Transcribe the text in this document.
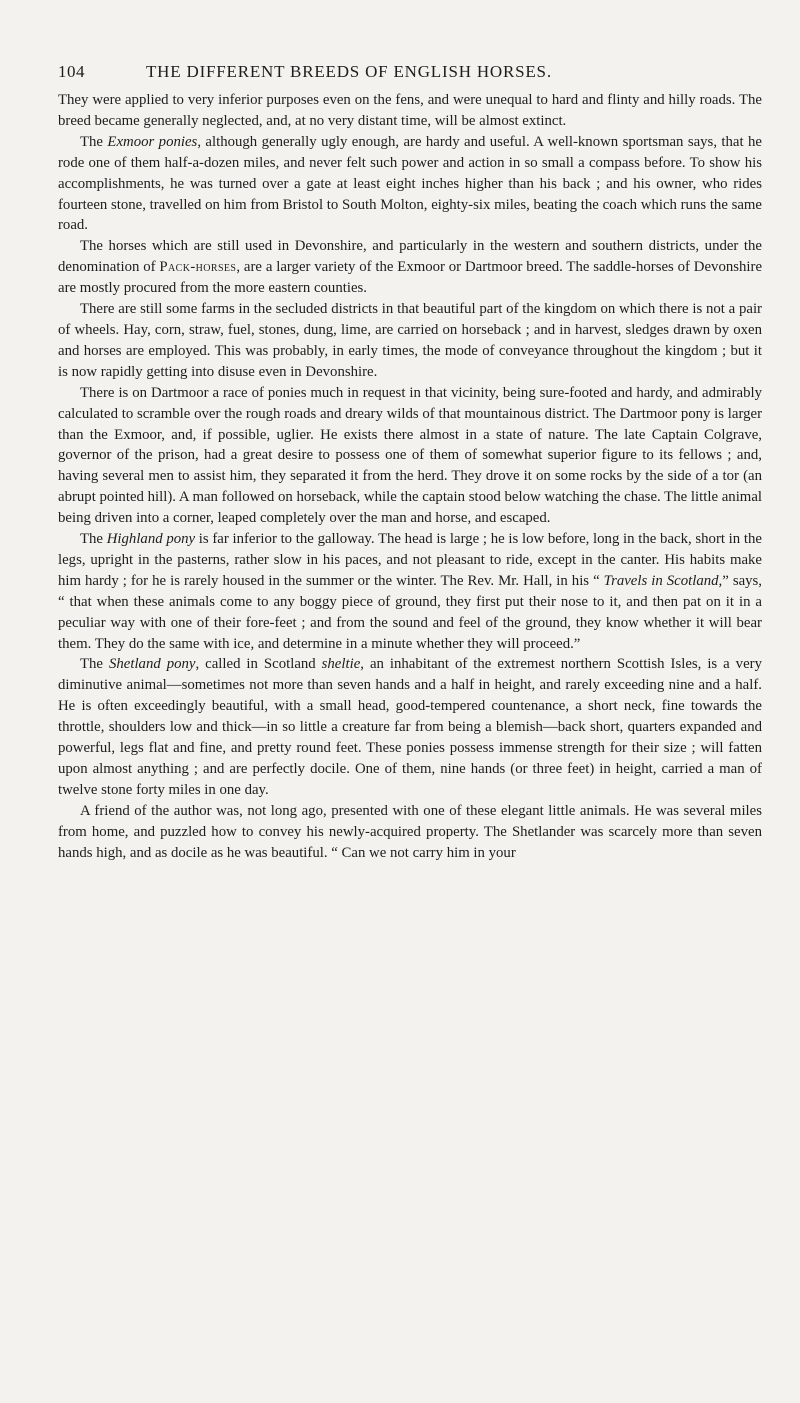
104	THE DIFFERENT BREEDS OF ENGLISH HORSES.

They were applied to very inferior purposes even on the fens, and were unequal to hard and flinty and hilly roads. The breed became generally neglected, and, at no very distant time, will be almost extinct.

The Exmoor ponies, although generally ugly enough, are hardy and useful. A well-known sportsman says, that he rode one of them half-a-dozen miles, and never felt such power and action in so small a compass before. To show his accomplishments, he was turned over a gate at least eight inches higher than his back ; and his owner, who rides fourteen stone, travelled on him from Bristol to South Molton, eighty-six miles, beating the coach which runs the same road.

The horses which are still used in Devonshire, and particularly in the western and southern districts, under the denomination of Pack-horses, are a larger variety of the Exmoor or Dartmoor breed. The saddle-horses of Devonshire are mostly procured from the more eastern counties.

There are still some farms in the secluded districts in that beautiful part of the kingdom on which there is not a pair of wheels. Hay, corn, straw, fuel, stones, dung, lime, are carried on horseback ; and in harvest, sledges drawn by oxen and horses are employed. This was probably, in early times, the mode of conveyance throughout the kingdom ; but it is now rapidly getting into disuse even in Devonshire.

There is on Dartmoor a race of ponies much in request in that vicinity, being sure-footed and hardy, and admirably calculated to scramble over the rough roads and dreary wilds of that mountainous district. The Dartmoor pony is larger than the Exmoor, and, if possible, uglier. He exists there almost in a state of nature. The late Captain Colgrave, governor of the prison, had a great desire to possess one of them of somewhat superior figure to its fellows ; and, having several men to assist him, they separated it from the herd. They drove it on some rocks by the side of a tor (an abrupt pointed hill). A man followed on horseback, while the captain stood below watching the chase. The little animal being driven into a corner, leaped completely over the man and horse, and escaped.

The Highland pony is far inferior to the galloway. The head is large ; he is low before, long in the back, short in the legs, upright in the pasterns, rather slow in his paces, and not pleasant to ride, except in the canter. His habits make him hardy ; for he is rarely housed in the summer or the winter. The Rev. Mr. Hall, in his “ Travels in Scotland,” says, “ that when these animals come to any boggy piece of ground, they first put their nose to it, and then pat on it in a peculiar way with one of their fore-feet ; and from the sound and feel of the ground, they know whether it will bear them. They do the same with ice, and determine in a minute whether they will proceed.”

The Shetland pony, called in Scotland sheltie, an inhabitant of the extremest northern Scottish Isles, is a very diminutive animal—sometimes not more than seven hands and a half in height, and rarely exceeding nine and a half. He is often exceedingly beautiful, with a small head, good-tempered countenance, a short neck, fine towards the throttle, shoulders low and thick—in so little a creature far from being a blemish—back short, quarters expanded and powerful, legs flat and fine, and pretty round feet. These ponies possess immense strength for their size ; will fatten upon almost anything ; and are perfectly docile. One of them, nine hands (or three feet) in height, carried a man of twelve stone forty miles in one day.

A friend of the author was, not long ago, presented with one of these elegant little animals. He was several miles from home, and puzzled how to convey his newly-acquired property. The Shetlander was scarcely more than seven hands high, and as docile as he was beautiful. “ Can we not carry him in your
